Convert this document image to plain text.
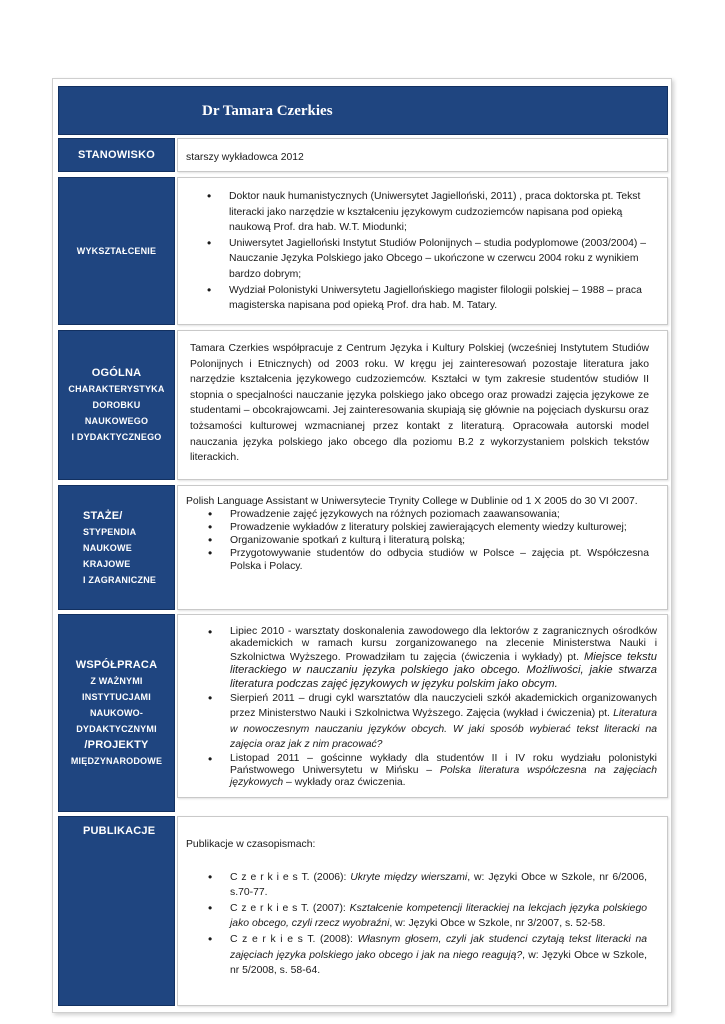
Dr Tamara Czerkies
STANOWISKO	starszy wykładowca 2012
WYKSZTAŁCENIE
• Doktor nauk humanistycznych (Uniwersytet Jagielloński, 2011) , praca doktorska pt. Tekst literacki jako narzędzie w kształceniu językowym cudzoziemców napisana pod opieką naukową Prof. dra hab. W.T. Miodunki;
• Uniwersytet Jagielloński Instytut Studiów Polonijnych – studia podyplomowe (2003/2004) – Nauczanie Języka Polskiego jako Obcego – ukończone w czerwcu 2004 roku z wynikiem bardzo dobrym;
• Wydział Polonistyki Uniwersytetu Jagiellońskiego magister filologii polskiej – 1988 – praca magisterska napisana pod opieką Prof. dra hab. M. Tatary.
OGÓLNA
CHARAKTERYSTYKA
DOROBKU
NAUKOWEGO
I DYDAKTYCZNEGO

Tamara Czerkies współpracuje z Centrum Języka i Kultury Polskiej (wcześniej Instytutem Studiów Polonijnych i Etnicznych) od 2003 roku. W kręgu jej zainteresowań pozostaje literatura jako narzędzie kształcenia językowego cudzoziemców. Kształci w tym zakresie studentów studiów II stopnia o specjalności nauczanie języka polskiego jako obcego oraz prowadzi zajęcia językowe ze studentami – obcokrajowcami. Jej zainteresowania skupiają się głównie na pojęciach dyskursu oraz tożsamości kulturowej wzmacnianej przez kontakt z literaturą. Opracowała autorski model nauczania języka polskiego jako obcego dla poziomu B.2 z wykorzystaniem polskich tekstów literackich.

STAŻE/
STYPENDIA
NAUKOWE
KRAJOWE
I ZAGRANICZNE

Polish Language Assistant w Uniwersytecie Trynity College w Dublinie od 1 X 2005 do 30 VI 2007.

• Prowadzenie zajęć językowych na różnych poziomach zaawansowania;
• Prowadzenie wykładów z literatury polskiej zawierających elementy wiedzy kulturowej;
• Organizowanie spotkań z kulturą i literaturą polską;
• Przygotowywanie studentów do odbycia studiów w Polsce – zajęcia pt. Współczesna Polska i Polacy.
WSPÓŁPRACA
Z WAŻNYMI
INSTYTUCJAMI
NAUKOWO-
DYDAKTYCZNYMI
/PROJEKTY
MIĘDZYNARODOWE
• Lipiec 2010 - warsztaty doskonalenia zawodowego dla lektorów z zagranicznych ośrodków akademickich w ramach kursu zorganizowanego na zlecenie Ministerstwa Nauki i Szkolnictwa Wyższego. Prowadziłam tu zajęcia (ćwiczenia i wykłady) pt. Miejsce tekstu literackiego w nauczaniu języka polskiego jako obcego. Możliwości, jakie stwarza literatura podczas zajęć językowych w języku polskim jako obcym.
• Sierpień 2011 – drugi cykl warsztatów dla nauczycieli szkół akademickich organizowanych przez Ministerstwo Nauki i Szkolnictwa Wyższego. Zajęcia (wykład i ćwiczenia) pt. Literatura w nowoczesnym nauczaniu języków obcych. W jaki sposób wybierać tekst literacki na zajęcia oraz jak z nim pracować?
• Listopad 2011 – gościnne wykłady dla studentów II i IV roku wydziału polonistyki Państwowego Uniwersytetu w Mińsku – Polska literatura współczesna na zajęciach językowych – wykłady oraz ćwiczenia.
PUBLIKACJE

Publikacje w czasopismach:

• C z e r k i e s T. (2006): Ukryte między wierszami, w: Języki Obce w Szkole, nr 6/2006, s.70-77.
• C z e r k i e s T. (2007): Kształcenie kompetencji literackiej na lekcjach języka polskiego jako obcego, czyli rzecz wyobraźni, w: Języki Obce w Szkole, nr 3/2007, s. 52-58.
• C z e r k i e s T. (2008): Własnym głosem, czyli jak studenci czytają tekst literacki na zajęciach języka polskiego jako obcego i jak na niego reagują?, w: Języki Obce w Szkole, nr 5/2008, s. 58-64.
